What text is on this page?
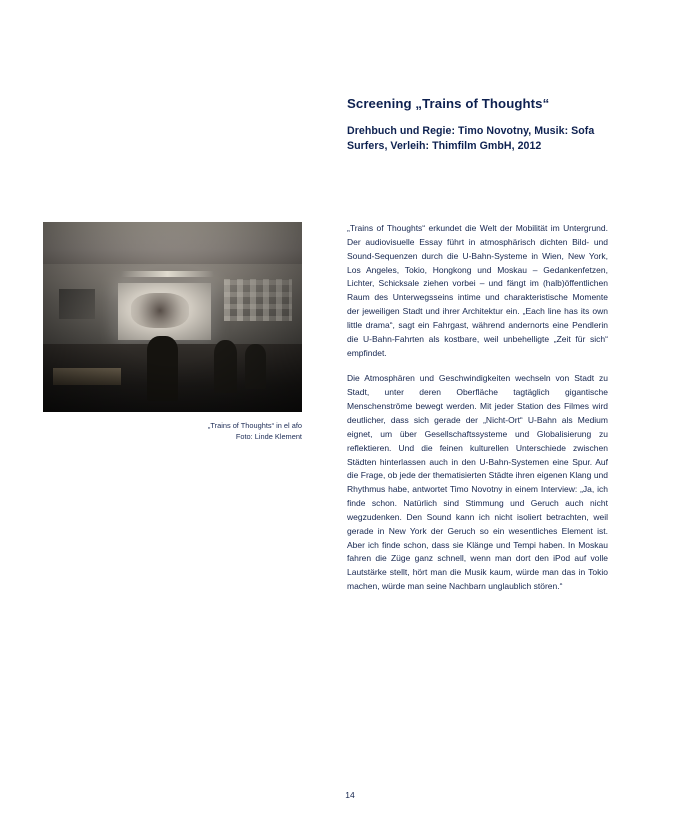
Screening „Trains of Thoughts“
Drehbuch und Regie: Timo Novotny, Musik: Sofa Surfers, Verleih: Thimfilm GmbH, 2012
„Trains of Thoughts“ in el afo
Foto: Linde Klement

„Trains of Thoughts“ erkundet die Welt der Mobilität im Untergrund. Der audiovisuelle Essay führt in atmosphärisch dichten Bild- und Sound-Sequenzen durch die U-Bahn-Systeme in Wien, New York, Los Angeles, Tokio, Hongkong und Moskau – Gedankenfetzen, Lichter, Schicksale ziehen vorbei – und fängt im (halb)öffentlichen Raum des Unterwegsseins intime und charakteristische Momente der jeweiligen Stadt und ihrer Architektur ein. „Each line has its own little drama“, sagt ein Fahrgast, während andernorts eine Pendlerin die U-Bahn-Fahrten als kostbare, weil unbehelligte „Zeit für sich“ empfindet.

Die Atmosphären und Geschwindigkeiten wechseln von Stadt zu Stadt, unter deren Oberfläche tagtäglich gigantische Menschenströme bewegt werden. Mit jeder Station des Filmes wird deutlicher, dass sich gerade der „Nicht-Ort“ U-Bahn als Medium eignet, um über Gesellschaftssysteme und Globalisierung zu reflektieren. Und die feinen kulturellen Unterschiede zwischen Städten hinterlassen auch in den U-Bahn-Systemen eine Spur. Auf die Frage, ob jede der thematisierten Städte ihren eigenen Klang und Rhythmus habe, antwortet Timo Novotny in einem Interview: „Ja, ich finde schon. Natürlich sind Stimmung und Geruch auch nicht wegzudenken. Den Sound kann ich nicht isoliert betrachten, weil gerade in New York der Geruch so ein wesentliches Element ist. Aber ich finde schon, dass sie Klänge und Tempi haben. In Moskau fahren die Züge ganz schnell, wenn man dort den iPod auf volle Lautstärke stellt, hört man die Musik kaum, würde man das in Tokio machen, würde man seine Nachbarn unglaublich stören.“

14
